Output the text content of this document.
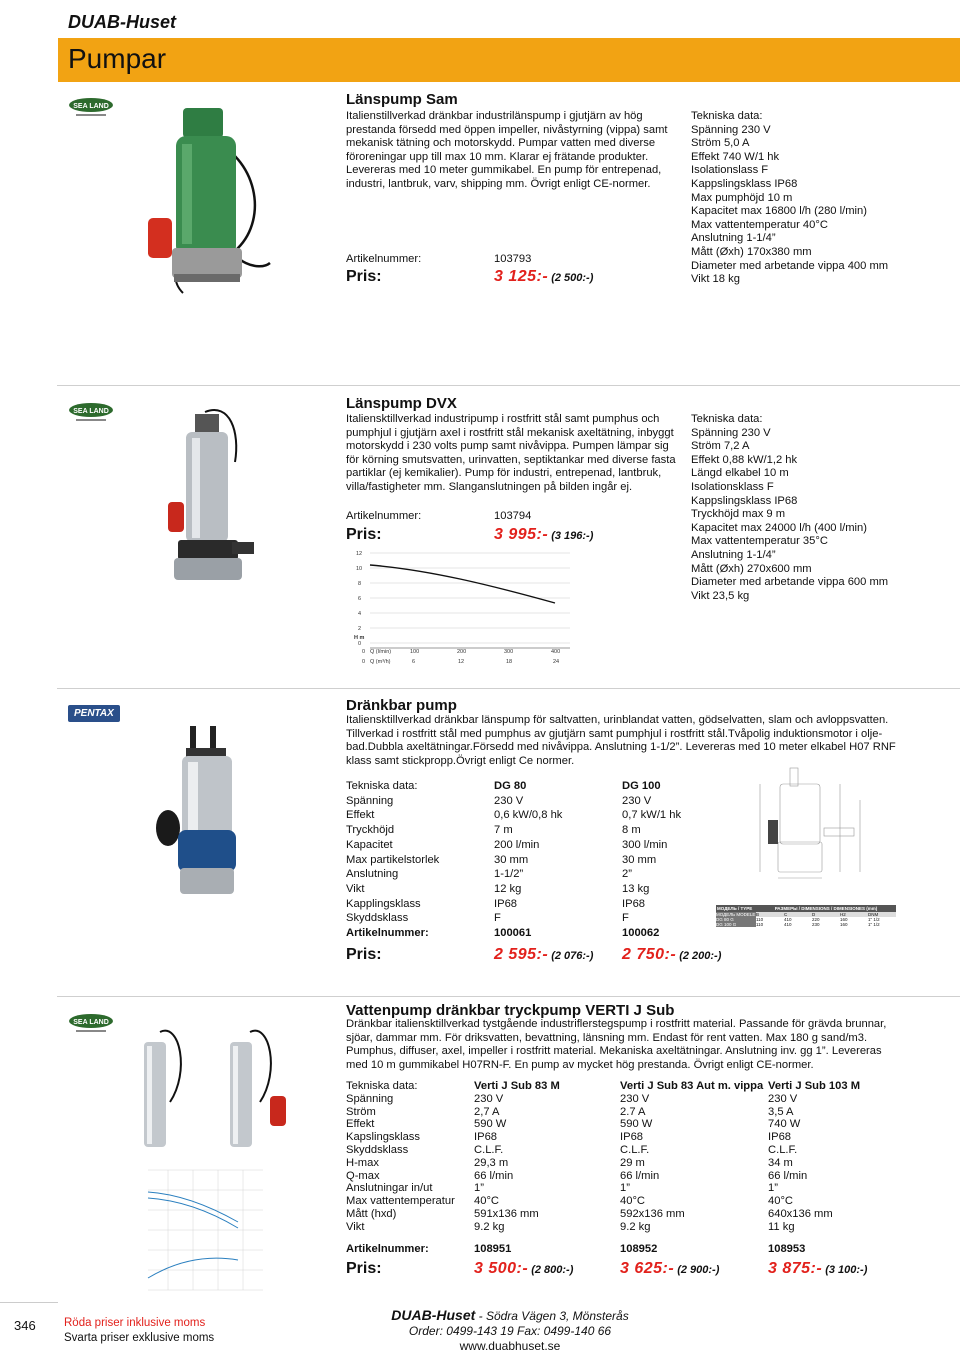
DUAB-Huset
Pumpar
SEA LAND	Länspump Sam
Italienstillverkad dränkbar industrilänspump i gjutjärn av hög
prestanda försedd med öppen impeller, nivåstyrning (vippa) samt
mekanisk tätning och motorskydd. Pumpar vatten med diverse
föroreningar upp till max 10 mm. Klarar ej frätande produkter.
Levereras med 10 meter gummikabel. En pump för entrepenad,
industri, lantbruk, varv, shipping mm. Övrigt enligt CE-normer.
Artikelnummer:	103793
Pris:	3 125:- (2 500:-)
Tekniska data:
Spänning 230 V
Ström 5,0 A
Effekt 740 W/1 hk
Isolationslass F
Kappslingsklass IP68
Max pumphöjd 10 m
Kapacitet max 16800 l/h (280 l/min)
Max vattentemperatur 40°C
Anslutning 1-1/4”
Mått (Øxh) 170x380 mm
Diameter med arbetande vippa 400 mm
Vikt 18 kg
SEA LAND	Länspump DVX
Italiensktillverkad industripump i rostfritt stål samt pumphus och
pumphjul i gjutjärn axel i rostfritt stål mekanisk axeltätning, inbyggt
motorskydd i 230 volts pump samt nivåvippa. Pumpen lämpar sig
för körning smutsvatten, urinvatten, septiktankar med diverse fasta
partiklar (ej kemikalier). Pump för industri, entrepenad, lantbruk,
villa/fastigheter mm. Slanganslutningen på bilden ingår ej.
Artikelnummer:	103794
Pris:	3 995:- (3 196:-)
12
10
8
6
4
2
0
H m
Q (l/min)
0	100	200	300	400
Q (m³/h)
0	6	12	18	24
Tekniska data:
Spänning 230 V
Ström 7,2 A
Effekt 0,88 kW/1,2 hk
Längd elkabel 10 m
Isolationsklass F
Kappslingsklass IP68
Tryckhöjd max 9 m
Kapacitet max 24000 l/h (400 l/min)
Max vattentemperatur 35°C
Anslutning 1-1/4”
Mått (Øxh) 270x600 mm
Diameter med arbetande vippa 600 mm
Vikt 23,5 kg
PENTAX	Dränkbar pump
Italiensktillverkad dränkbar länspump för saltvatten, urinblandat vatten, gödselvatten, slam och avloppsvatten.
Tillverkad i rostfritt stål med pumphus av gjutjärn samt pumphjul i rostfritt stål.Tvåpolig induktionsmotor i olje-
bad.Dubbla axeltätningar.Försedd med nivåvippa. Anslutning 1-1/2”. Levereras med 10 meter elkabel H07 RNF
klass samt stickpropp.Övrigt enligt Ce normer.
Tekniska data:	DG 80	DG 100
Spänning	230 V	230 V
Effekt	0,6 kW/0,8 hk	0,7 kW/1 hk
Tryckhöjd	7 m	8 m
Kapacitet	200 l/min	300 l/min
Max partikelstorlek	30 mm	30 mm
Anslutning	1-1/2”	2”
Vikt	12 kg	13 kg
Kapplingsklass	IP68	IP68
Skyddsklass	F	F
Artikelnummer:	100061	100062
Pris:	2 595:- (2 076:-) 2 750:- (2 200:-)
МОДЕЛЬ / TYPE	РАЗМЕРЫ / DIMENSIONS / DIMENSIONES (mm)
МОДЕЛЬ MODELE B	C	D	H2	DNM
DG 80 G	110	410	220	160	1" 1/2
DG 100 G	110	410	230	160	1" 1/2
SEA LAND
Vattenpump dränkbar tryckpump VERTI J Sub
Dränkbar italiensktillverkad tystgående industriflerstegspump i rostfritt material. Passande för grävda brunnar,
sjöar, dammar mm. För driksvatten, bevattning, länsning mm. Endast för rent vatten. Max 180 g sand/m3.
Pumphus, diffuser, axel, impeller i rostfritt material. Mekaniska axeltätningar. Anslutning inv. gg 1”. Levereras
med 10 m gummikabel H07RN-F. En pump av mycket hög prestanda. Övrigt enligt CE-normer.
Tekniska data:	Verti J Sub 83 M	Verti J Sub 83 Aut m. vippa Verti J Sub 103 M
Spänning	230 V	230 V	230 V
Ström	2,7 A	2.7 A	3,5 A
Effekt	590 W	590 W	740 W
Kapslingsklass	IP68	IP68	IP68
Skyddsklass	C.L.F.	C.L.F.	C.L.F.
H-max	29,3 m	29 m	34 m
Q-max	66 l/min	66 l/min	66 l/min
Anslutningar in/ut	1”	1”	1”
Max vattentemperatur	40°C	40°C	40°C
Mått (hxd)	591x136 mm	592x136 mm	640x136 mm
Vikt	9.2 kg	9.2 kg	11 kg
Artikelnummer:	108951	108952	108953
Pris:	3 500:- (2 800:-)	3 625:- (2 900:-)	3 875:- (3 100:-)
346 Röda priser inklusive moms
Svarta priser exklusive moms
DUAB-Huset - Södra Vägen 3, Mönsterås
Order: 0499-143 19 Fax: 0499-140 66
www.duabhuset.se
